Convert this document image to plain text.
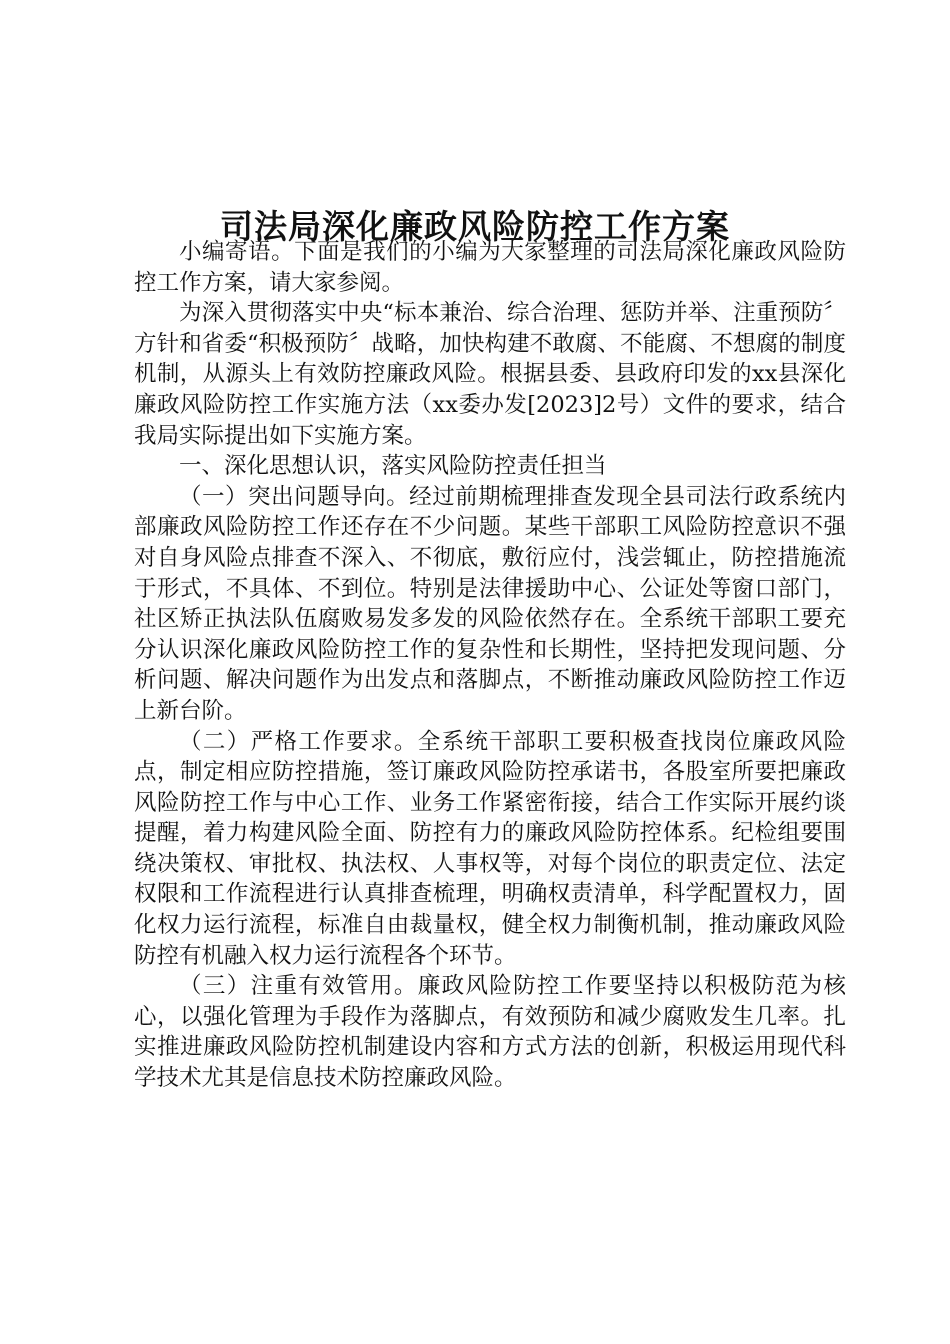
司法局深化廉政风险防控工作方案

小编寄语。下面是我们的小编为大家整理的司法局深化廉政风险防控工作方案，请大家参阅。

为深入贯彻落实中央“标本兼治、综合治理、惩防并举、注重预防〞方针和省委“积极预防〞战略，加快构建不敢腐、不能腐、不想腐的制度机制，从源头上有效防控廉政风险。根据县委、县政府印发的xx县深化廉政风险防控工作实施方法（xx委办发[2023]2号）文件的要求，结合我局实际提出如下实施方案。

一、深化思想认识，落实风险防控责任担当

（一）突出问题导向。经过前期梳理排查发现全县司法行政系统内部廉政风险防控工作还存在不少问题。某些干部职工风险防控意识不强对自身风险点排查不深入、不彻底，敷衍应付，浅尝辄止，防控措施流于形式，不具体、不到位。特别是法律援助中心、公证处等窗口部门，社区矫正执法队伍腐败易发多发的风险依然存在。全系统干部职工要充分认识深化廉政风险防控工作的复杂性和长期性，坚持把发现问题、分析问题、解决问题作为出发点和落脚点，不断推动廉政风险防控工作迈上新台阶。

（二）严格工作要求。全系统干部职工要积极查找岗位廉政风险点，制定相应防控措施，签订廉政风险防控承诺书，各股室所要把廉政风险防控工作与中心工作、业务工作紧密衔接，结合工作实际开展约谈提醒，着力构建风险全面、防控有力的廉政风险防控体系。纪检组要围绕决策权、审批权、执法权、人事权等，对每个岗位的职责定位、法定权限和工作流程进行认真排查梳理，明确权责清单，科学配置权力，固化权力运行流程，标准自由裁量权，健全权力制衡机制，推动廉政风险防控有机融入权力运行流程各个环节。

（三）注重有效管用。廉政风险防控工作要坚持以积极防范为核心，以强化管理为手段作为落脚点，有效预防和减少腐败发生几率。扎实推进廉政风险防控机制建设内容和方式方法的创新，积极运用现代科学技术尤其是信息技术防控廉政风险。
